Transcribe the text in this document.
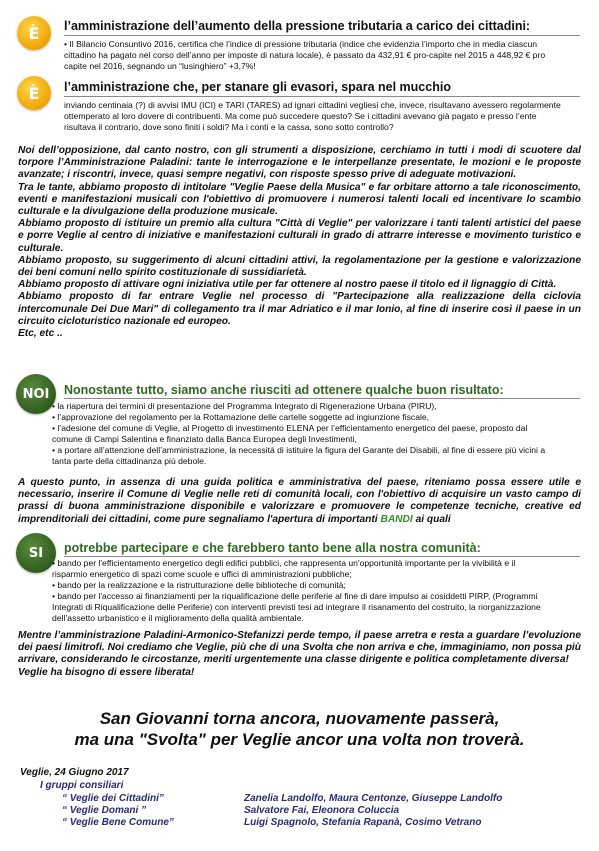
È	l’amministrazione dell’aumento della pressione tributaria a carico dei cittadini:

• Il Bilancio Consuntivo 2016, certifica che l’indice di pressione tributaria (indice che evidenzia l’importo che in media ciascun

cittadino ha pagato nel corso dell’anno per imposte di natura locale), è passato da 432,91 € pro-capite nel 2015 a 448,92 € pro

capite nel 2016, segnando un “lusinghiero” +3,7%!

È	l’amministrazione che, per stanare gli evasori, spara nel mucchio

inviando centinaia (?) di avvisi IMU (ICI) e TARI (TARES) ad ignari cittadini vegliesi che, invece, risultavano avessero regolarmente

ottemperato al loro dovere di contribuenti. Ma come può succedere questo? Se i cittadini avevano già pagato e presso l’ente

risultava il contrario, dove sono finiti i soldi? Ma i conti e la cassa, sono sotto controllo?

Noi dell’opposizione, dal canto nostro, con gli strumenti a disposizione, cerchiamo in tutti i modi di scuotere dal torpore l’Amministrazione Paladini: tante le interrogazione e le interpellanze presentate, le mozioni e le proposte avanzate; i riscontri, invece, quasi sempre negativi, con risposte spesso prive di adeguate motivazioni.

Tra le tante, abbiamo proposto di intitolare "Veglie Paese della Musica" e far orbitare attorno a tale riconoscimento, eventi e manifestazioni musicali con l'obiettivo di promuovere i numerosi talenti locali ed incentivare lo scambio culturale e la divulgazione della produzione musicale.

Abbiamo proposto di istituire un premio alla cultura "Città di Veglie" per valorizzare i tanti talenti artistici del paese e porre Veglie al centro di iniziative e manifestazioni culturali in grado di attrarre interesse e movimento turistico e culturale.

Abbiamo proposto, su suggerimento di alcuni cittadini attivi, la regolamentazione per la gestione e valorizzazione dei beni comuni nello spirito costituzionale di sussidiarietà.

Abbiamo proposto di attivare ogni iniziativa utile per far ottenere al nostro paese il titolo ed il lignaggio di Città.

Abbiamo proposto di far entrare Veglie nel processo di "Partecipazione alla realizzazione della ciclovia intercomunale Dei Due Mari" di collegamento tra il mar Adriatico e il mar Ionio, al fine di inserire così il paese in un circuito cicloturistico nazionale ed europeo.

Etc, etc ..

NOI	Nonostante tutto, siamo anche riusciti ad ottenere qualche buon risultato:

• la riapertura dei termini di presentazione del Programma Integrato di Rigenerazione Urbana (PIRU),

• l’approvazione del regolamento per la Rottamazione delle cartelle soggette ad ingiunzione fiscale,

• l’adesione del comune di Veglie, al Progetto di investimento ELENA per l’efficientamento energetico del paese, proposto dal

comune di Campi Salentina e finanziato dalla Banca Europea degli Investimenti,

• a portare all’attenzione dell’amministrazione, la necessità di istituire la figura del Garante dei Disabili, al fine di essere più vicini a

tanta parte della cittadinanza più debole.

A questo punto, in assenza di una guida politica e amministrativa del paese, riteniamo possa essere utile e necessario, inserire il Comune di Veglie nelle reti di comunità locali, con l'obiettivo di acquisire un vasto campo di prassi di buona amministrazione disponibile e valorizzare e promuovere le competenze tecniche, creative ed imprenditoriali dei cittadini, come pure segnaliamo l'apertura di importanti BANDI ai quali

SI	potrebbe partecipare e che farebbero tanto bene alla nostra comunità:

• bando per l'efficientamento energetico degli edifici pubblici, che rappresenta un'opportunità importante per la vivibilità e il

risparmio energetico di spazi come scuole e uffici di amministrazioni pubbliche;

• bando per la realizzazione e la ristrutturazione delle biblioteche di comunità;

• bando per l'accesso ai finanziamenti per la riqualificazione delle periferie al fine di dare impulso ai cosiddetti PIRP, (Programmi

Integrati di Riqualificazione delle Periferie) con interventi previsti tesi ad integrare il risanamento del costruito, la riorganizzazione

dell’assetto urbanistico e il miglioramento della qualità ambientale.

Mentre l’amministrazione Paladini-Armonico-Stefanizzi perde tempo, il paese arretra e resta a guardare l’evoluzione dei paesi limitrofi. Noi crediamo che Veglie, più che di una Svolta che non arriva e che, immaginiamo, non possa più arrivare, considerando le circostanze, meriti urgentemente una classe dirigente e politica completamente diversa!

Veglie ha bisogno di essere liberata!

San Giovanni torna ancora, nuovamente passerà,
ma una "Svolta" per Veglie ancor una volta non troverà.
Veglie, 24 Giugno 2017
I gruppi consiliari
“ Veglie dei Cittadini”	Zanelia Landolfo, Maura Centonze, Giuseppe Landolfo
“ Veglie Domani ”	Salvatore Fai, Eleonora Coluccia
“ Veglie Bene Comune”	Luigi Spagnolo, Stefania Rapanà, Cosimo Vetrano
